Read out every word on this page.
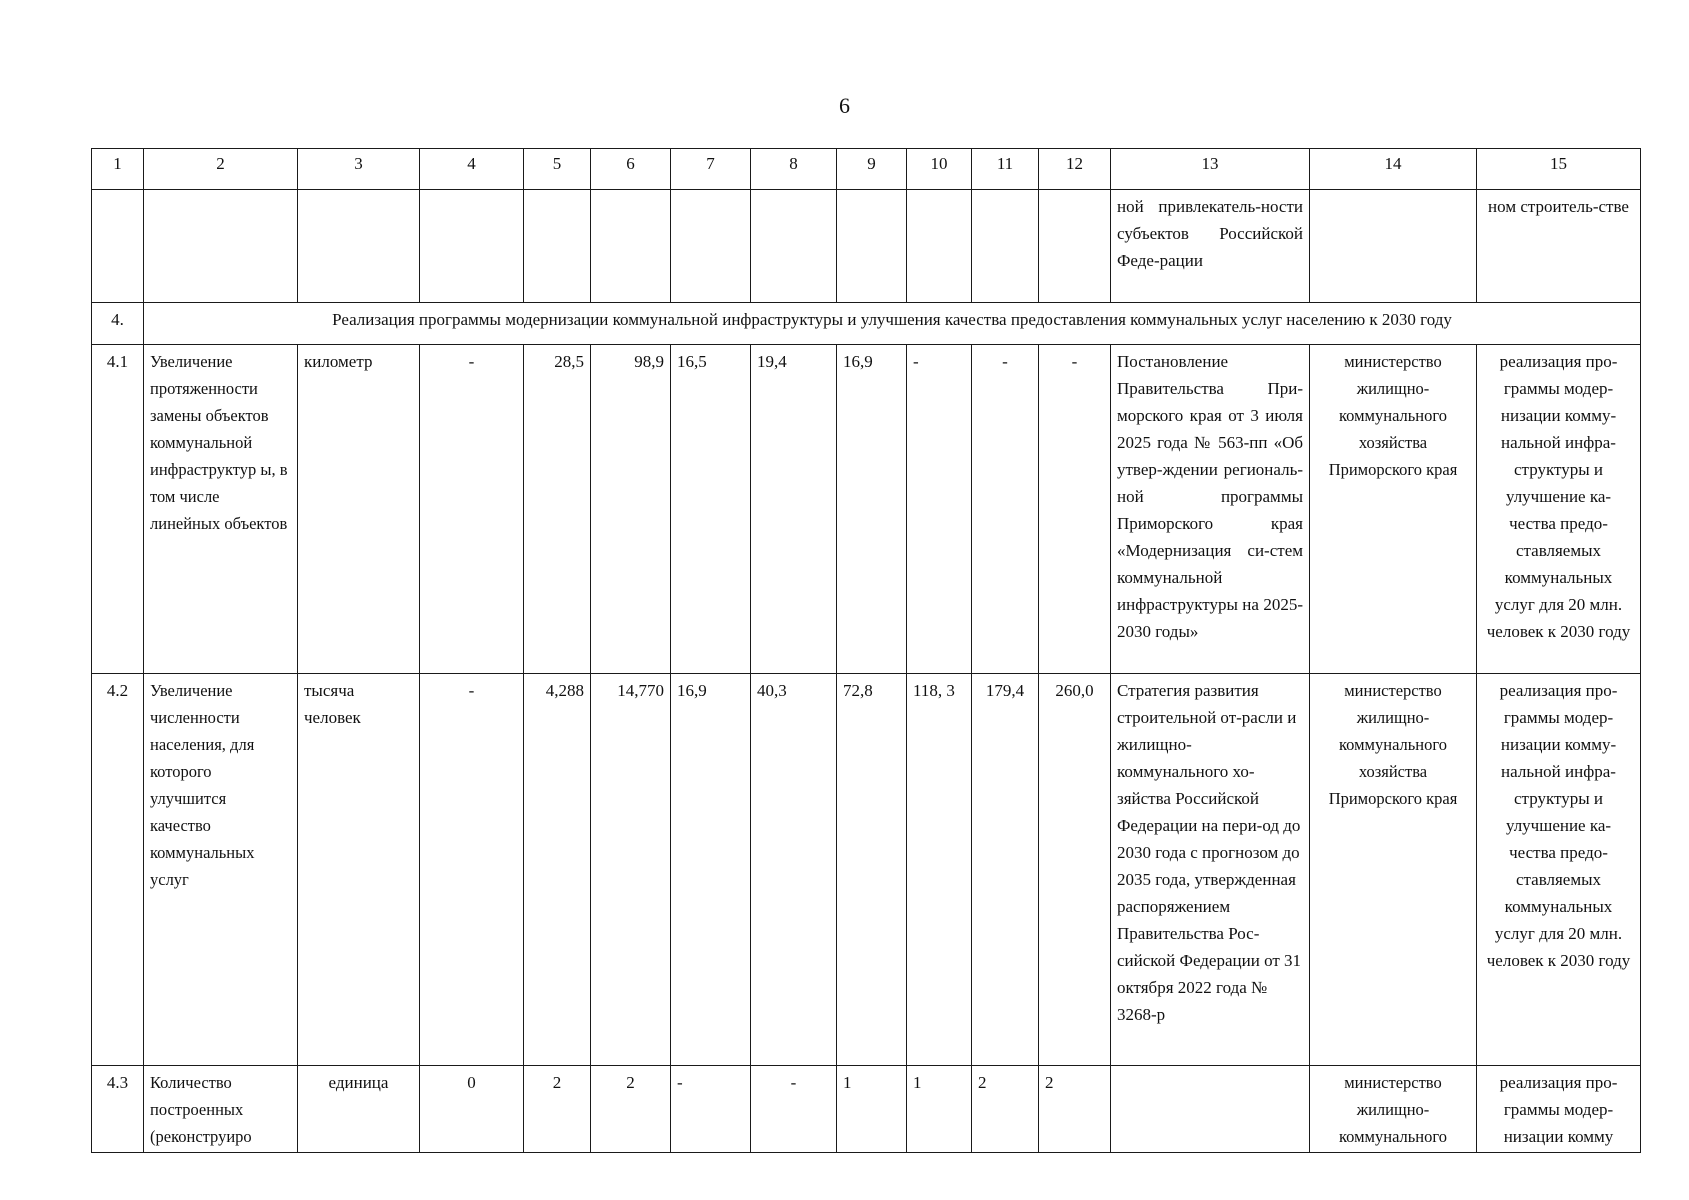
6
1	2	3	4	5	6	7	8	9	10	11	12	13	14	15
												ной привлекатель-ности субъектов Российской Феде-рации		ном строитель-стве
4.	Реализация программы модернизации коммунальной инфраструктуры и улучшения качества предоставления коммунальных услуг населению к 2030 году													
4.1	Увеличение протяженности замены объектов коммунальной инфраструктур ы, в том числе линейных объектов	километр	-	28,5	98,9	16,5	19,4	16,9	-	-	-	Постановление Правительства При-морского края от 3 июля 2025 года № 563-пп «Об утвер-ждении региональ-ной программы Приморского края «Модернизация си-стем коммунальной инфраструктуры на 2025-2030 годы»	министерство жилищно-коммунального хозяйства Приморского края	реализация про-граммы модер-низации комму-нальной инфра-структуры и улучшение ка-чества предо-ставляемых коммунальных услуг для 20 млн. человек к 2030 году
4.2	Увеличение численности населения, для которого улучшится качество коммунальных услуг	тысяча человек	-	4,288	14,770	16,9	40,3	72,8	118, 3	179,4	260,0	Стратегия развития строительной от-расли и жилищно-коммунального хо-зяйства Российской Федерации на пери-од до 2030 года с прогнозом до 2035 года, утвержденная распоряжением Правительства Рос-сийской Федерации от 31 октября 2022 года № 3268-р	министерство жилищно-коммунального хозяйства Приморского края	реализация про-граммы модер-низации комму-нальной инфра-структуры и улучшение ка-чества предо-ставляемых коммунальных услуг для 20 млн. человек к 2030 году
4.3	Количество построенных (реконструиро	единица	0	2	2	-	-	1	1	2	2		министерство жилищно-коммунального	реализация про-граммы модер-низации комму
